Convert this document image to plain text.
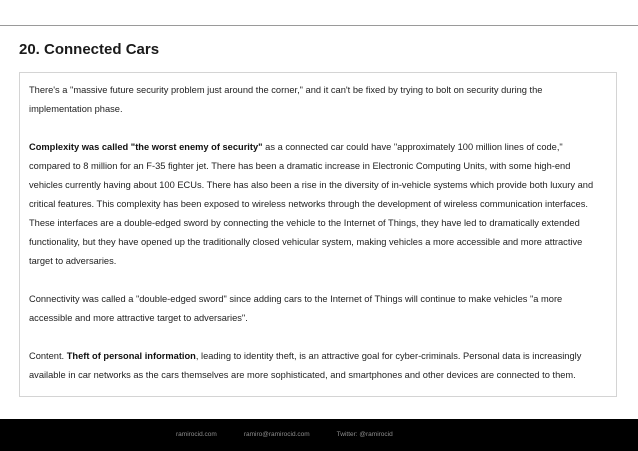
20. Connected Cars

There's a "massive future security problem just around the corner," and it can't be fixed by trying to bolt on security during the implementation phase.

Complexity was called "the worst enemy of security" as a connected car could have "approximately 100 million lines of code," compared to 8 million for an F-35 fighter jet. There has been a dramatic increase in Electronic Computing Units, with some high-end vehicles currently having about 100 ECUs. There has also been a rise in the diversity of in-vehicle systems which provide both luxury and critical features. This complexity has been exposed to wireless networks through the development of wireless communication interfaces. These interfaces are a double-edged sword by connecting the vehicle to the Internet of Things, they have led to dramatically extended functionality, but they have opened up the traditionally closed vehicular system, making vehicles a more accessible and more attractive target to adversaries.

Connectivity was called a "double-edged sword" since adding cars to the Internet of Things will continue to make vehicles "a more accessible and more attractive target to adversaries".

Content. Theft of personal information, leading to identity theft, is an attractive goal for cyber-criminals. Personal data is increasingly available in car networks as the cars themselves are more sophisticated, and smartphones and other devices are connected to them.

ramirocid.com	ramiro@ramirocid.com	Twitter: @ramirocid
